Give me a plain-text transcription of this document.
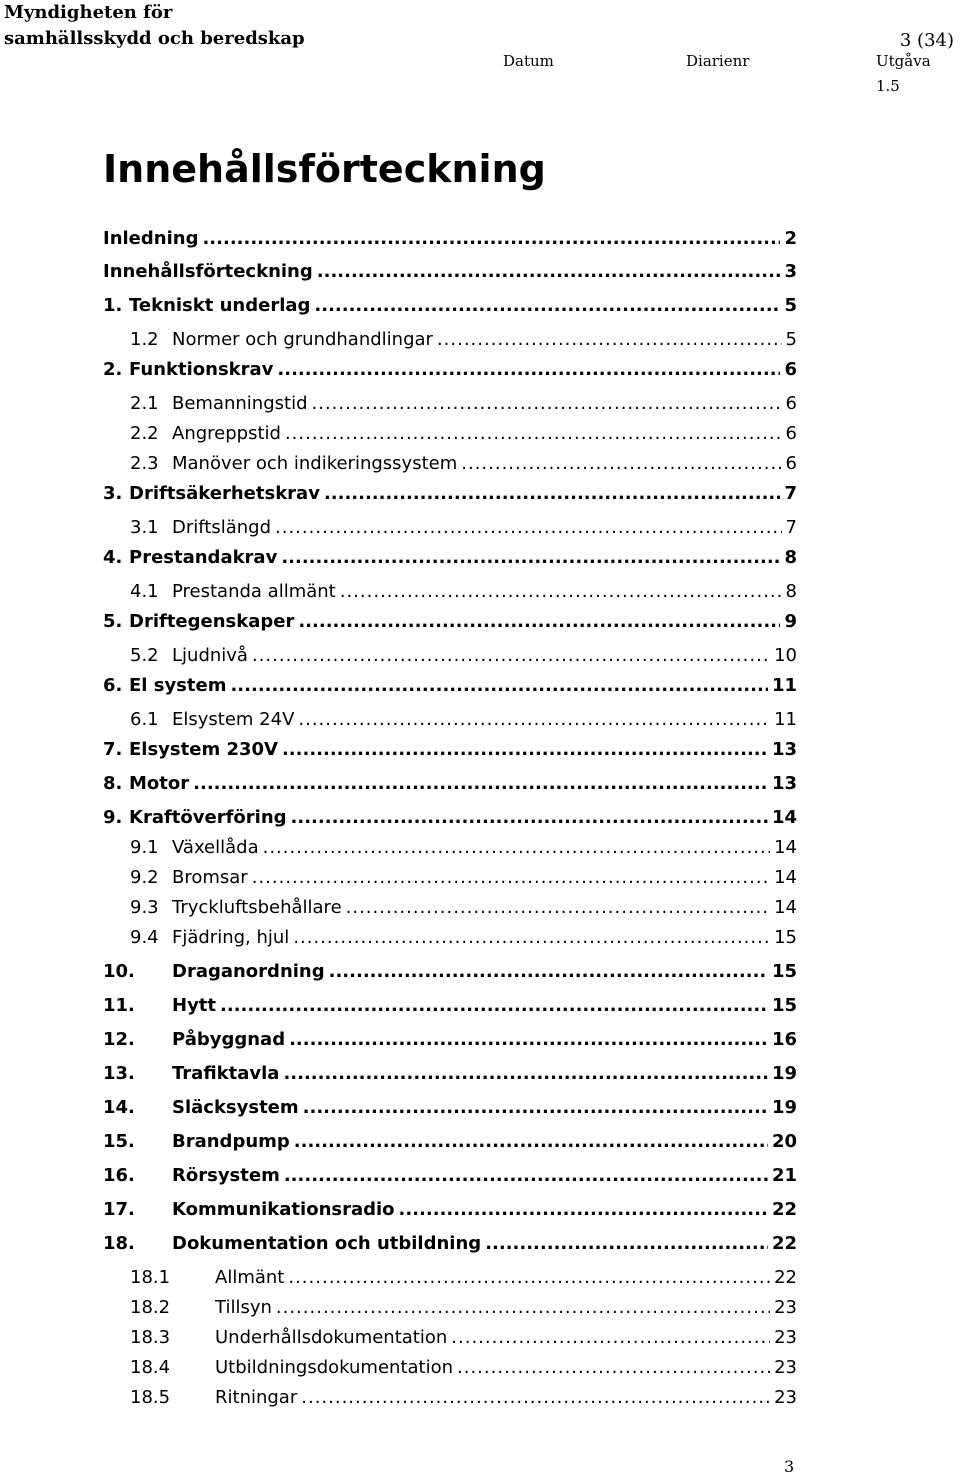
Myndigheten för
samhällsskydd och beredskap	3 (34)
Datum	Diarienr	Utgåva
1.5
Innehållsförteckning
Inledning .....	2
Innehållsförteckning .....	3
1. Tekniskt underlag .....	5
1.2 Normer och grundhandlingar .....	5
2. Funktionskrav .....	6
2.1 Bemanningstid .....	6
2.2 Angreppstid .....	6
2.3 Manöver och indikeringssystem .....	6
3. Driftsäkerhetskrav .....	7
3.1 Driftslängd .....	7
4. Prestandakrav .....	8
4.1 Prestanda allmänt .....	8
5. Driftegenskaper .....	9
5.2 Ljudnivå .....	10
6. El system .....	11
6.1 Elsystem 24V .....	11
7. Elsystem 230V .....	13
8. Motor .....	13
9. Kraftöverföring .....	14
9.1 Växellåda .....	14
9.2 Bromsar .....	14
9.3 Tryckluftsbehållare .....	14
9.4 Fjädring, hjul .....	15
10.	Draganordning .....	15
11.	Hytt .....	15
12.	Påbyggnad .....	16
13.	Trafiktavla .....	19
14.	Släcksystem .....	19
15.	Brandpump .....	20
16.	Rörsystem .....	21
17.	Kommunikationsradio .....	22
18.	Dokumentation och utbildning .....	22
18.1	Allmänt .....	22
18.2	Tillsyn .....	23
18.3	Underhållsdokumentation .....	23
18.4	Utbildningsdokumentation .....	23
18.5	Ritningar .....	23
3
